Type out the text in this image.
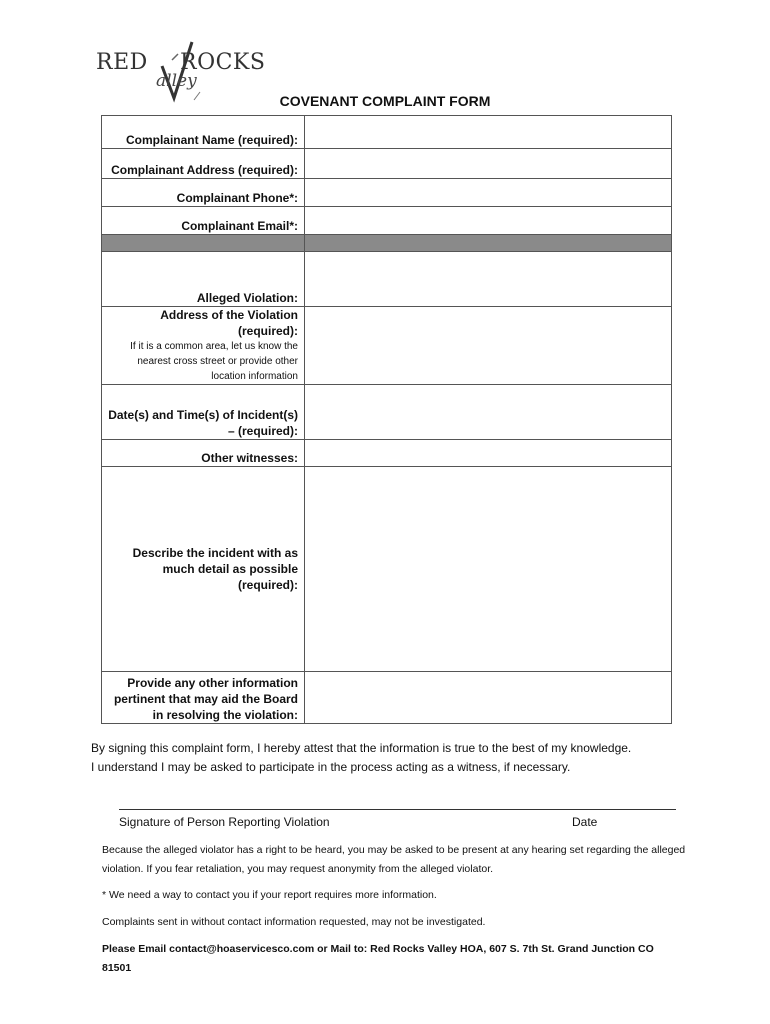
RED ROCKS
alley
COVENANT COMPLAINT FORM
Complainant Name (required):	
Complainant Address (required):	
Complainant Phone*:	
Complainant Email*:	

Alleged Violation:	
Address of the Violation (required):
If it is a common area, let us know the nearest cross street or provide other location information	

Date(s) and Time(s) of Incident(s) – (required):	
Other witnesses:	
Describe the incident with as much detail as possible (required):	
Provide any other information pertinent that may aid the Board in resolving the violation:	
By signing this complaint form, I hereby attest that the information is true to the best of my knowledge.
I understand I may be asked to participate in the process acting as a witness, if necessary.
Signature of Person Reporting Violation	Date
Because the alleged violator has a right to be heard, you may be asked to be present at any hearing set regarding the alleged violation. If you fear retaliation, you may request anonymity from the alleged violator.
* We need a way to contact you if your report requires more information.
Complaints sent in without contact information requested, may not be investigated.
Please Email contact@hoaservicesco.com or Mail to: Red Rocks Valley HOA, 607 S. 7th St. Grand Junction CO 81501
